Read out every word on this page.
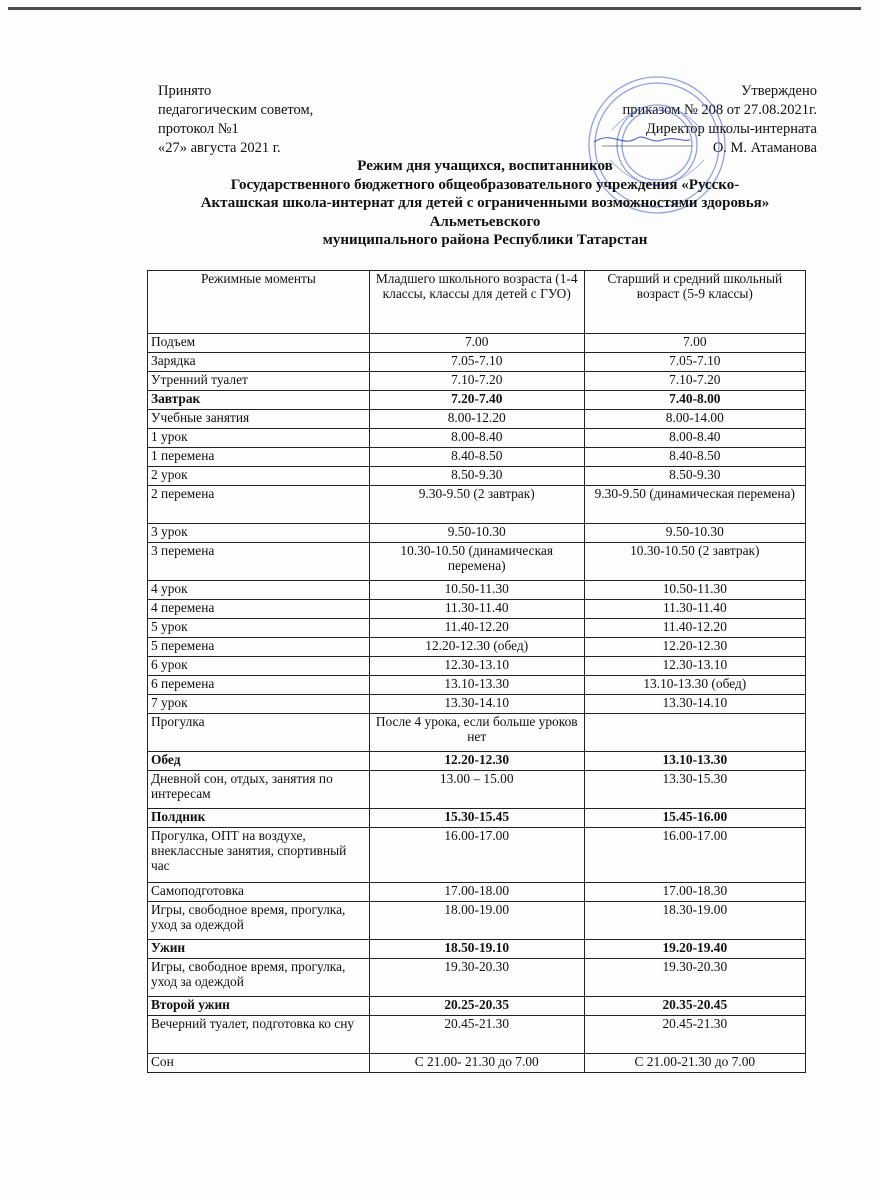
Принято
педагогическим советом,
протокол №1
«27» августа 2021 г.
Утверждено
приказом № 208 от 27.08.2021г.
Директор школы-интерната
О. М. Атаманова
Режим дня учащихся, воспитанников
Государственного бюджетного общеобразовательного учреждения «Русско-
Акташская школа-интернат для детей с ограниченными возможностями здоровья»
Альметьевского
муниципального района Республики Татарстан
Режимные моменты	Младшего школьного возраста (1-4 классы, классы для детей с ГУО)	Старший и средний школьный возраст (5-9 классы)
Подъем	7.00	7.00
Зарядка	7.05-7.10	7.05-7.10
Утренний туалет	7.10-7.20	7.10-7.20
Завтрак	7.20-7.40	7.40-8.00
Учебные занятия	8.00-12.20	8.00-14.00
1 урок	8.00-8.40	8.00-8.40
1 перемена	8.40-8.50	8.40-8.50
2 урок	8.50-9.30	8.50-9.30
2 перемена	9.30-9.50 (2 завтрак)	9.30-9.50 (динамическая перемена)
3 урок	9.50-10.30	9.50-10.30
3 перемена	10.30-10.50 (динамическая перемена)	10.30-10.50 (2 завтрак)
4 урок	10.50-11.30	10.50-11.30
4 перемена	11.30-11.40	11.30-11.40
5 урок	11.40-12.20	11.40-12.20
5 перемена	12.20-12.30 (обед)	12.20-12.30
6 урок	12.30-13.10	12.30-13.10
6 перемена	13.10-13.30	13.10-13.30 (обед)
7 урок	13.30-14.10	13.30-14.10
Прогулка	После 4 урока, если больше уроков нет	
Обед	12.20-12.30	13.10-13.30
Дневной сон, отдых, занятия по интересам	13.00 – 15.00	13.30-15.30
Полдник	15.30-15.45	15.45-16.00
Прогулка, ОПТ на воздухе, внеклассные занятия, спортивный час	16.00-17.00	16.00-17.00
Самоподготовка	17.00-18.00	17.00-18.30
Игры, свободное время, прогулка, уход за одеждой	18.00-19.00	18.30-19.00
Ужин	18.50-19.10	19.20-19.40
Игры, свободное время, прогулка, уход за одеждой	19.30-20.30	19.30-20.30
Второй ужин	20.25-20.35	20.35-20.45
Вечерний туалет, подготовка ко сну	20.45-21.30	20.45-21.30
Сон	С 21.00- 21.30 до 7.00	С 21.00-21.30 до 7.00
